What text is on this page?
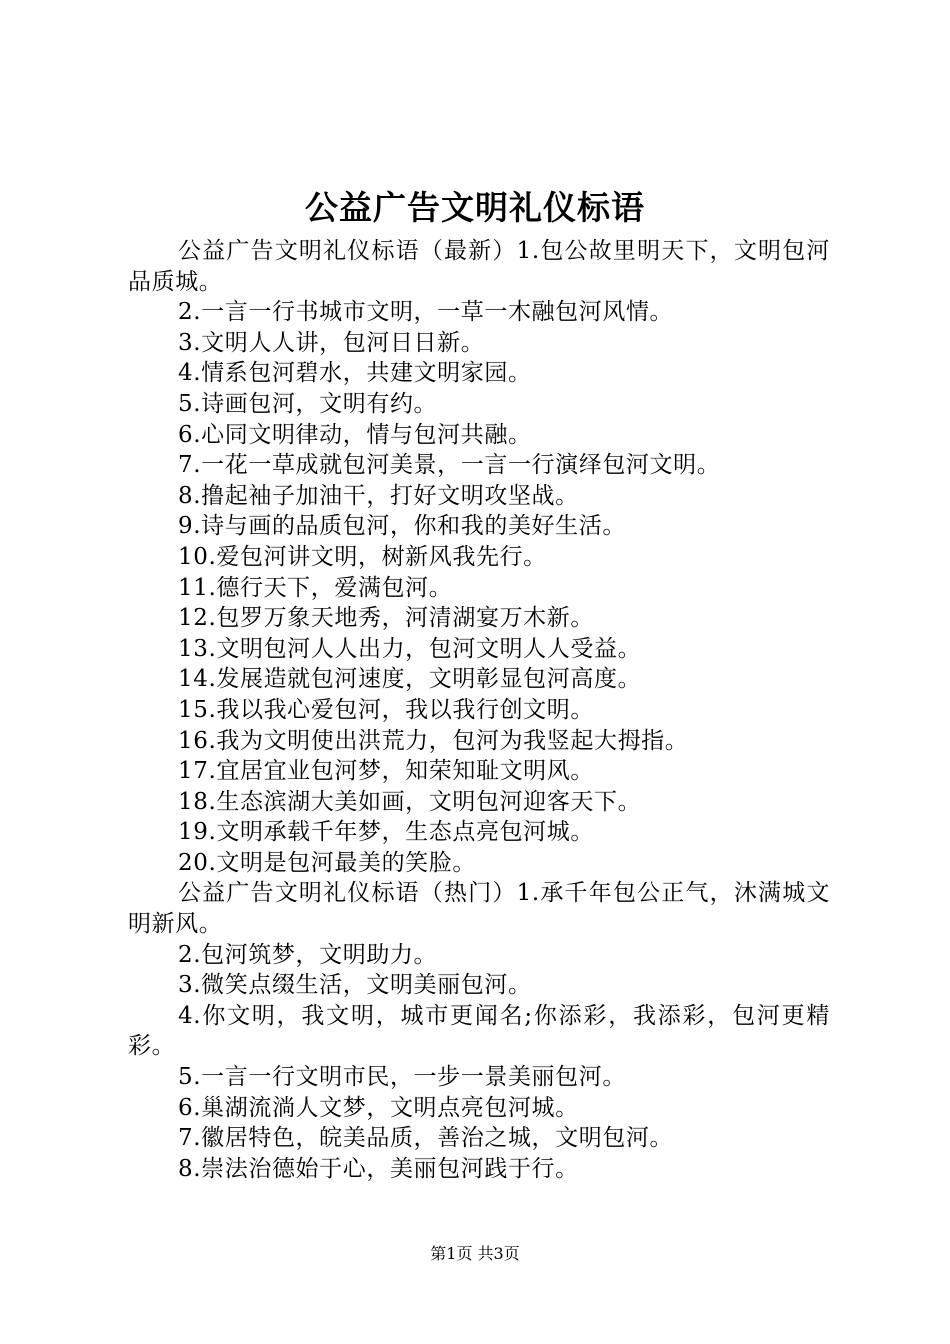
公益广告文明礼仪标语

公益广告文明礼仪标语（最新）1.包公故里明天下，文明包河品质城。

2.一言一行书城市文明，一草一木融包河风情。

3.文明人人讲，包河日日新。

4.情系包河碧水，共建文明家园。

5.诗画包河，文明有约。

6.心同文明律动，情与包河共融。

7.一花一草成就包河美景，一言一行演绎包河文明。

8.撸起袖子加油干，打好文明攻坚战。

9.诗与画的品质包河，你和我的美好生活。

10.爱包河讲文明，树新风我先行。

11.德行天下，爱满包河。

12.包罗万象天地秀，河清湖宴万木新。

13.文明包河人人出力，包河文明人人受益。

14.发展造就包河速度，文明彰显包河高度。

15.我以我心爱包河，我以我行创文明。

16.我为文明使出洪荒力，包河为我竖起大拇指。

17.宜居宜业包河梦，知荣知耻文明风。

18.生态滨湖大美如画，文明包河迎客天下。

19.文明承载千年梦，生态点亮包河城。

20.文明是包河最美的笑脸。

公益广告文明礼仪标语（热门）1.承千年包公正气，沐满城文明新风。

2.包河筑梦，文明助力。

3.微笑点缀生活，文明美丽包河。

4.你文明，我文明，城市更闻名;你添彩，我添彩，包河更精彩。

5.一言一行文明市民，一步一景美丽包河。

6.巢湖流淌人文梦，文明点亮包河城。

7.徽居特色，皖美品质，善治之城，文明包河。

8.崇法治德始于心，美丽包河践于行。

第1页 共3页
